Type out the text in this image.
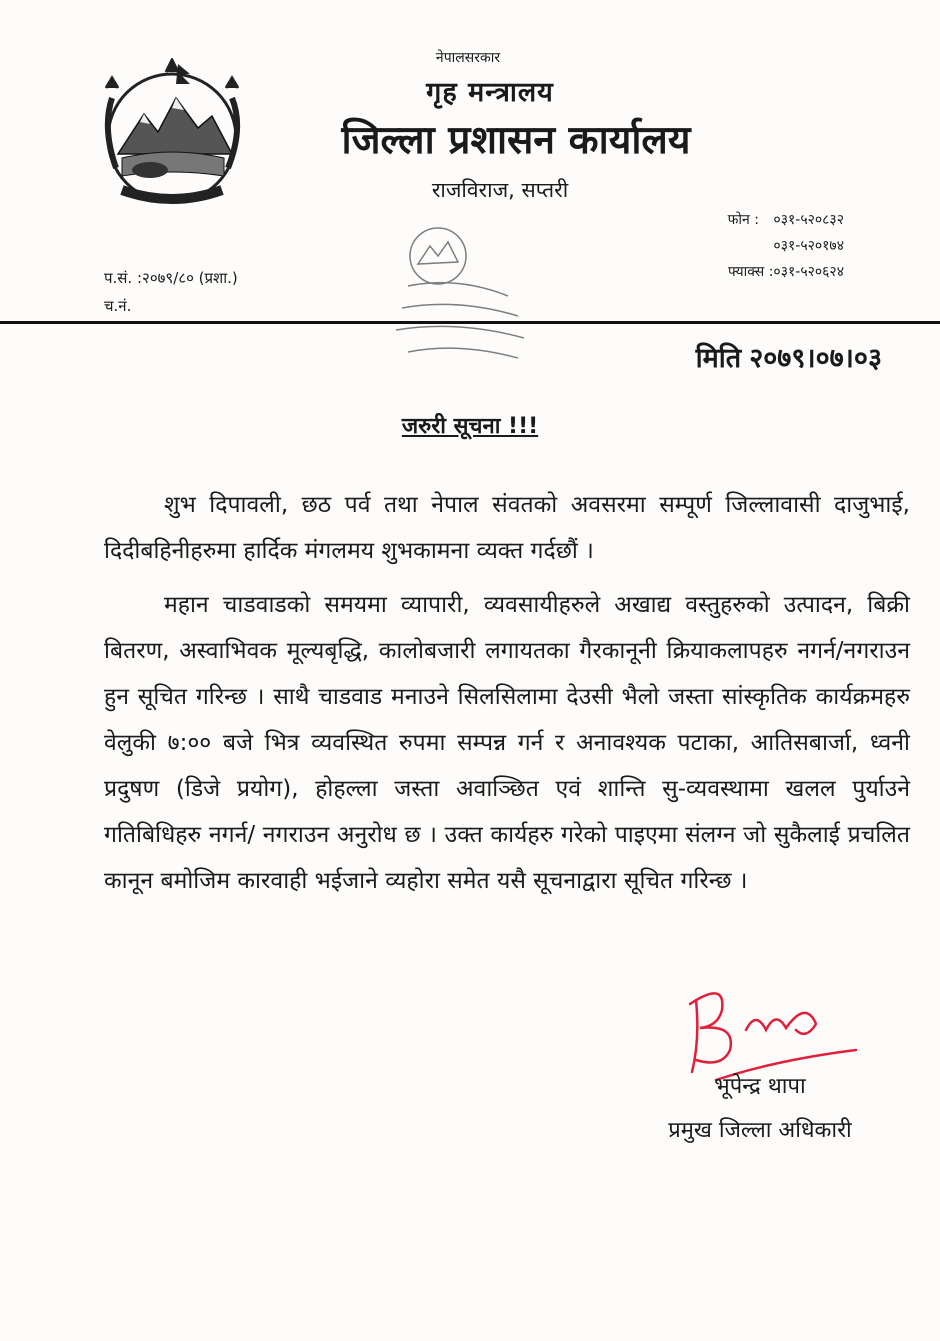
नेपालसरकार
गृह मन्त्रालय
जिल्ला प्रशासन कार्यालय
राजविराज, सप्तरी
फोन : ०३१-५२०८३२
०३१-५२०१७४
फ्याक्स :०३१-५२०६२४
प.सं. :२०७९/८० (प्रशा.)
च.नं.
मिति २०७९।०७।०३
जरुरी सूचना !!!

शुभ दिपावली, छठ पर्व तथा नेपाल संवतको अवसरमा सम्पूर्ण जिल्लावासी दाजुभाई, दिदीबहिनीहरुमा हार्दिक मंगलमय शुभकामना व्यक्त गर्दछौं ।

महान चाडवाडको समयमा व्यापारी, व्यवसायीहरुले अखाद्य वस्तुहरुको उत्पादन, बिक्री बितरण, अस्वाभिवक मूल्यबृद्धि, कालोबजारी लगायतका गैरकानूनी क्रियाकलापहरु नगर्न/नगराउन हुन सूचित गरिन्छ । साथै चाडवाड मनाउने सिलसिलामा देउसी भैलो जस्ता सांस्कृतिक कार्यक्रमहरु वेलुकी ७:०० बजे भित्र व्यवस्थित रुपमा सम्पन्न गर्न र अनावश्यक पटाका, आतिसबार्जा, ध्वनी प्रदुषण (डिजे प्रयोग), होहल्ला जस्ता अवाञ्छित एवं शान्ति सु-व्यवस्थामा खलल पुर्याउने गतिबिधिहरु नगर्न/ नगराउन अनुरोध छ । उक्त कार्यहरु गरेको पाइएमा संलग्न जो सुकैलाई प्रचलित कानून बमोजिम कारवाही भईजाने व्यहोरा समेत यसै सूचनाद्वारा सूचित गरिन्छ ।

भूपेन्द्र थापा
प्रमुख जिल्ला अधिकारी
